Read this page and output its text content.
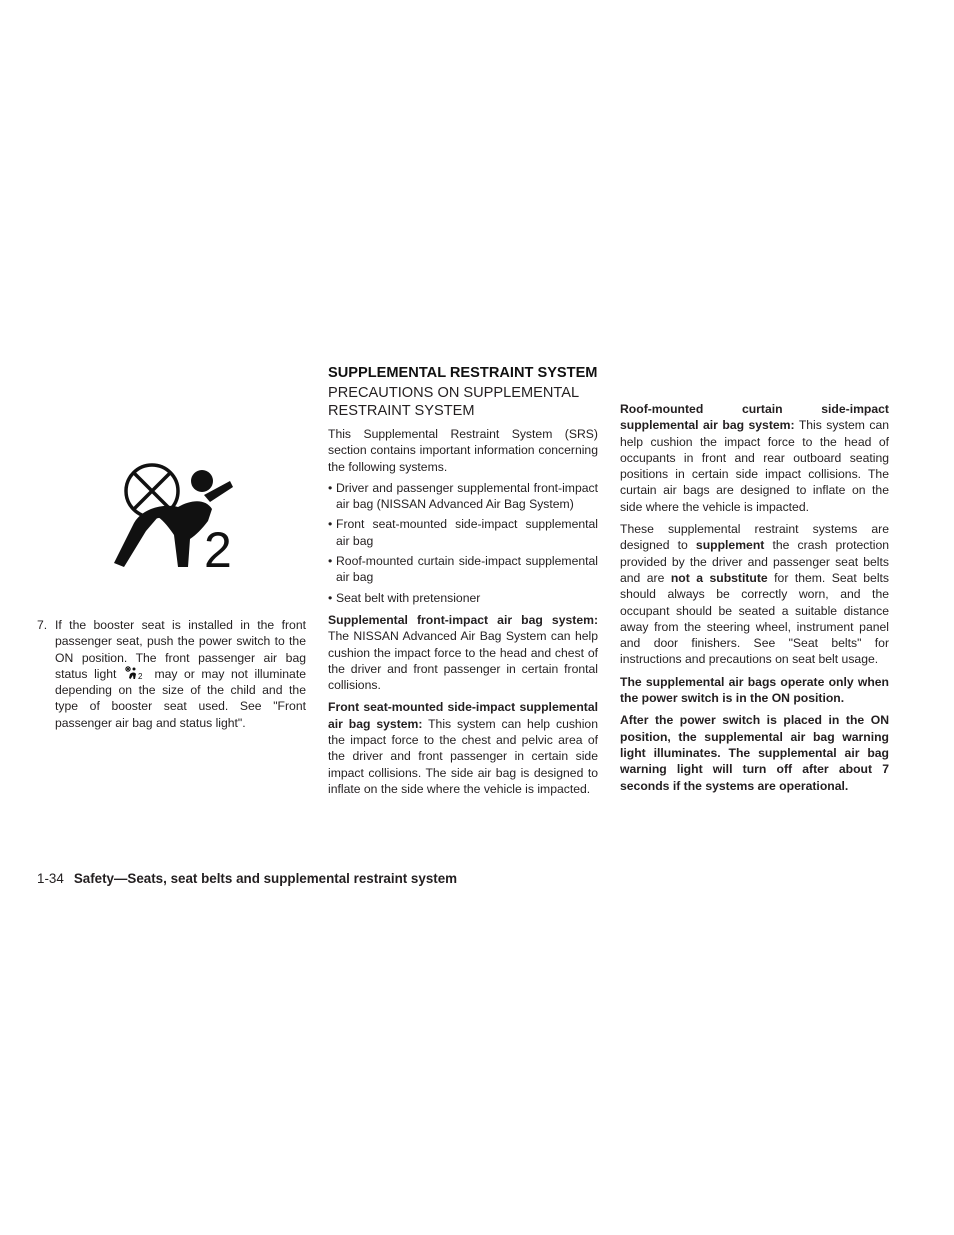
2
7. If the booster seat is installed in the front passenger seat, push the power switch to the ON position. The front passenger air bag status light	2 may or may not illuminate depending on the size of the child and the type of booster seat used. See "Front passenger air bag and status light".
SUPPLEMENTAL RESTRAINT SYSTEM
PRECAUTIONS ON SUPPLEMENTAL RESTRAINT SYSTEM

This Supplemental Restraint System (SRS) section contains important information concerning the following systems.

• Driver and passenger supplemental front-impact air bag (NISSAN Advanced Air Bag System)
• Front seat-mounted side-impact supplemental air bag
• Roof-mounted curtain side-impact supplemental air bag
• Seat belt with pretensioner

Supplemental front-impact air bag system: The NISSAN Advanced Air Bag System can help cushion the impact force to the head and chest of the driver and front passenger in certain frontal collisions.

Front seat-mounted side-impact supplemental air bag system: This system can help cushion the impact force to the chest and pelvic area of the driver and front passenger in certain side impact collisions. The side air bag is designed to inflate on the side where the vehicle is impacted.

Roof-mounted curtain side-impact supplemental air bag system: This system can help cushion the impact force to the head of occupants in front and rear outboard seating positions in certain side impact collisions. The curtain air bags are designed to inflate on the side where the vehicle is impacted.

These supplemental restraint systems are designed to supplement the crash protection provided by the driver and passenger seat belts and are not a substitute for them. Seat belts should always be correctly worn, and the occupant should be seated a suitable distance away from the steering wheel, instrument panel and door finishers. See "Seat belts" for instructions and precautions on seat belt usage.

The supplemental air bags operate only when the power switch is in the ON position.

After the power switch is placed in the ON position, the supplemental air bag warning light illuminates. The supplemental air bag warning light will turn off after about 7 seconds if the systems are operational.

1-34 Safety—Seats, seat belts and supplemental restraint system
